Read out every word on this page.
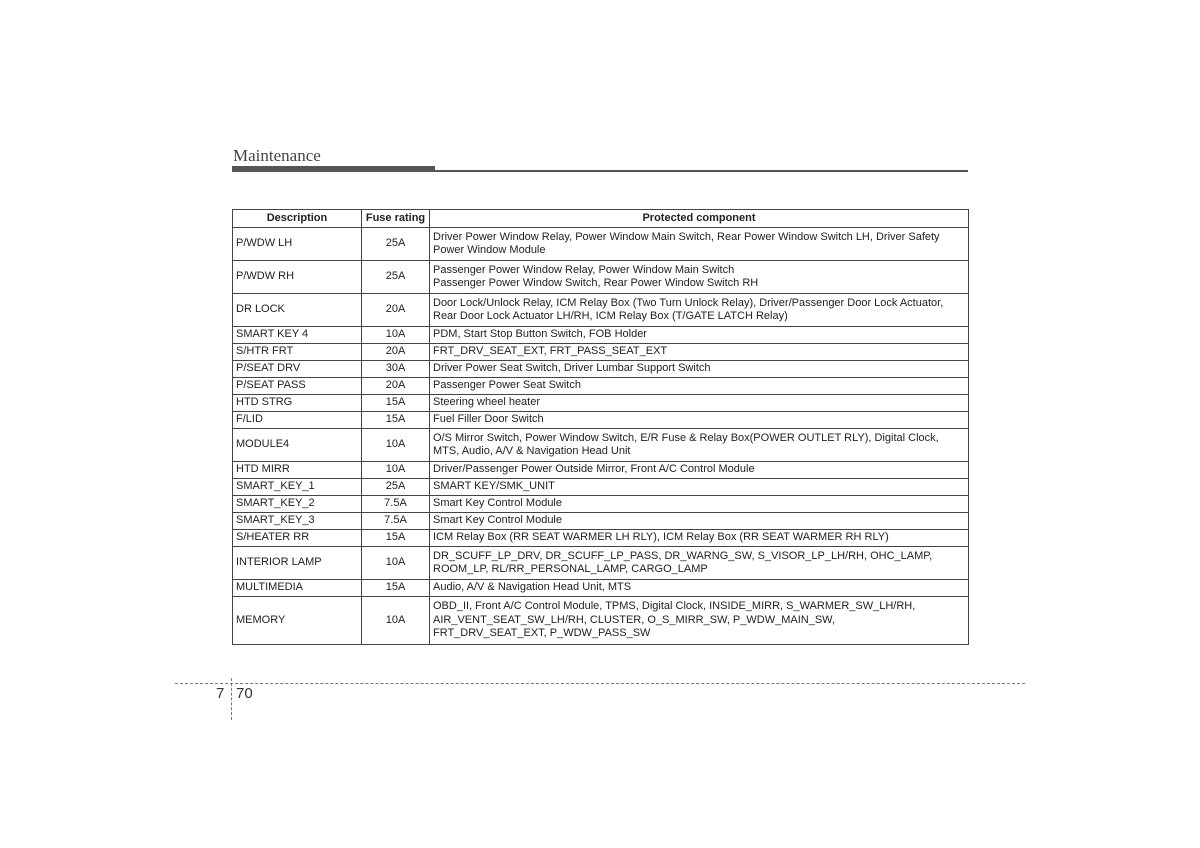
Maintenance
Description	Fuse rating	Protected component
P/WDW LH	25A	Driver Power Window Relay, Power Window Main Switch, Rear Power Window Switch LH, Driver Safety
Power Window Module

P/WDW RH	25A	Passenger Power Window Relay, Power Window Main Switch
Passenger Power Window Switch, Rear Power Window Switch RH

DR LOCK	20A	Door Lock/Unlock Relay, ICM Relay Box (Two Turn Unlock Relay), Driver/Passenger Door Lock Actuator,
Rear Door Lock Actuator LH/RH, ICM Relay Box (T/GATE LATCH Relay)

SMART KEY 4	10A	PDM, Start Stop Button Switch, FOB Holder

S/HTR FRT	20A	FRT_DRV_SEAT_EXT, FRT_PASS_SEAT_EXT

P/SEAT DRV	30A	Driver Power Seat Switch, Driver Lumbar Support Switch

P/SEAT PASS	20A	Passenger Power Seat Switch

HTD STRG	15A	Steering wheel heater

F/LID	15A	Fuel Filler Door Switch

MODULE4	10A	O/S Mirror Switch, Power Window Switch, E/R Fuse & Relay Box(POWER OUTLET RLY), Digital Clock,
MTS, Audio, A/V & Navigation Head Unit

HTD MIRR	10A	Driver/Passenger Power Outside Mirror, Front A/C Control Module

SMART_KEY_1	25A	SMART KEY/SMK_UNIT

SMART_KEY_2	7.5A	Smart Key Control Module

SMART_KEY_3	7.5A	Smart Key Control Module

S/HEATER RR	15A	ICM Relay Box (RR SEAT WARMER LH RLY), ICM Relay Box (RR SEAT WARMER RH RLY)

INTERIOR LAMP	10A	DR_SCUFF_LP_DRV, DR_SCUFF_LP_PASS, DR_WARNG_SW, S_VISOR_LP_LH/RH, OHC_LAMP,
ROOM_LP, RL/RR_PERSONAL_LAMP, CARGO_LAMP

MULTIMEDIA	15A	Audio, A/V & Navigation Head Unit, MTS

MEMORY	10A	OBD_II, Front A/C Control Module, TPMS, Digital Clock, INSIDE_MIRR, S_WARMER_SW_LH/RH,
AIR_VENT_SEAT_SW_LH/RH, CLUSTER, O_S_MIRR_SW, P_WDW_MAIN_SW,
FRT_DRV_SEAT_EXT, P_WDW_PASS_SW
7 70
